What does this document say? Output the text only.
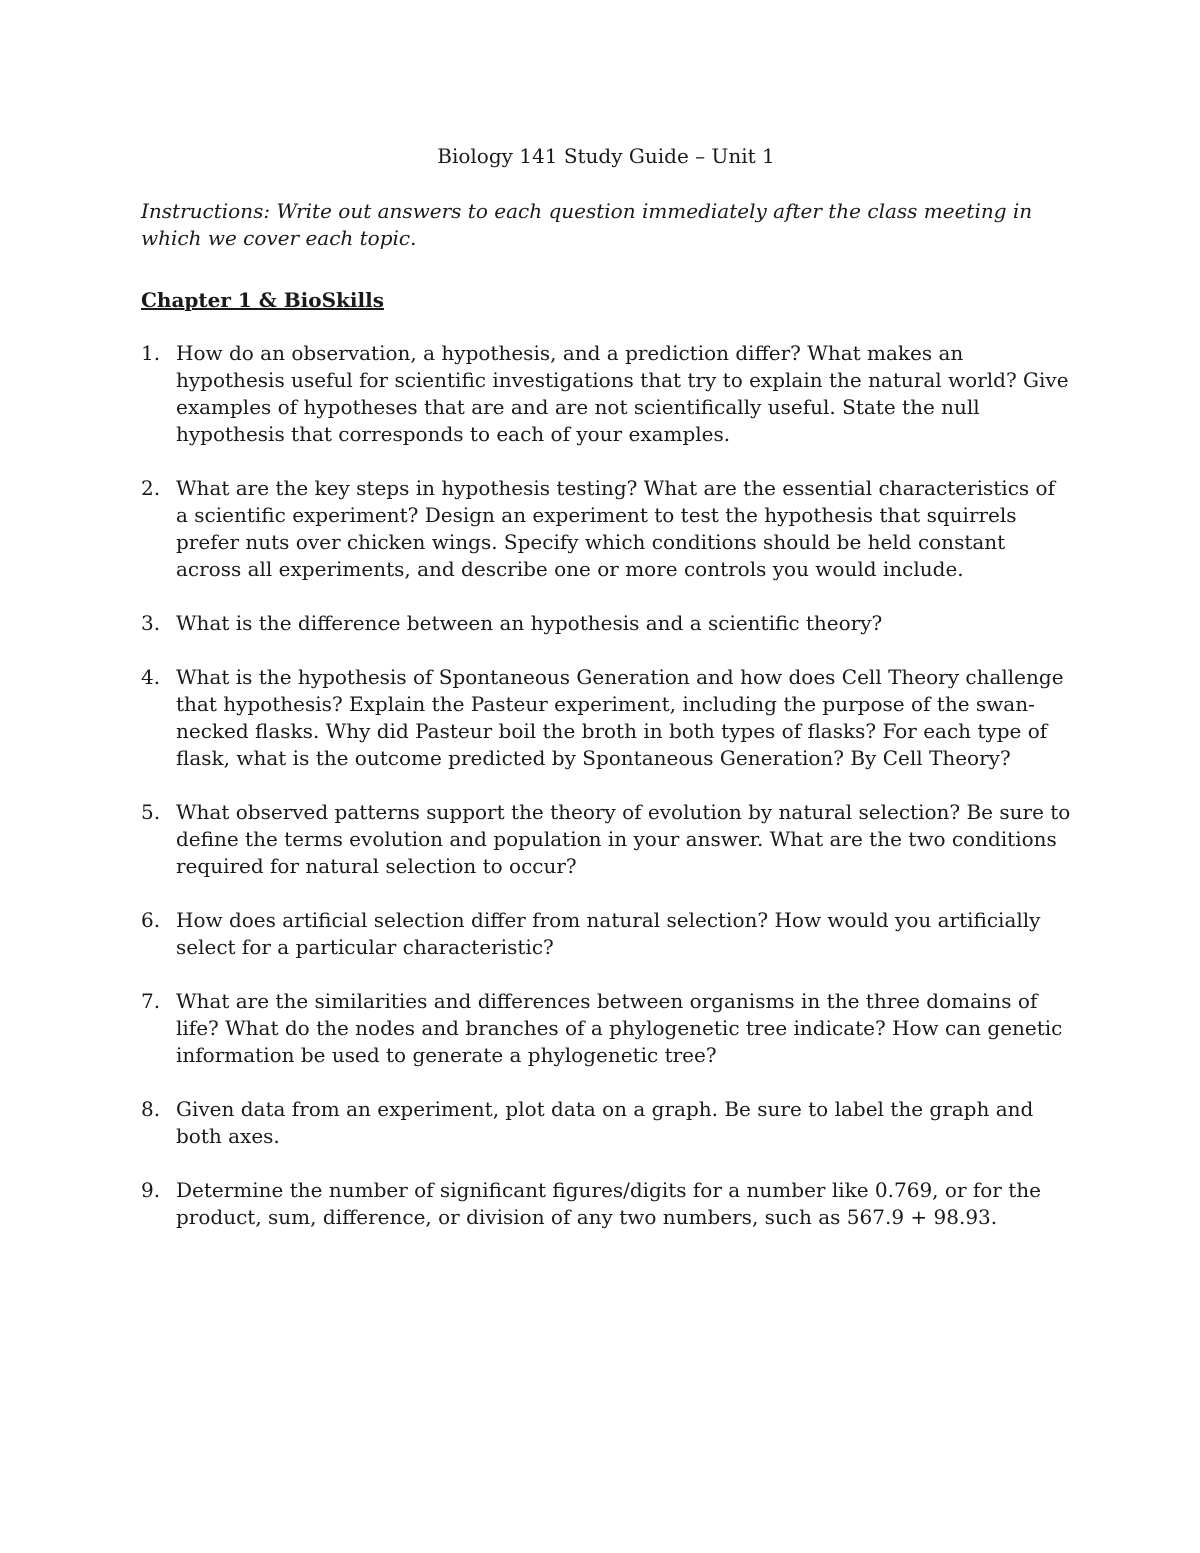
Biology 141 Study Guide – Unit 1

Instructions: Write out answers to each question immediately after the class meeting in which we cover each topic.

Chapter 1 & BioSkills
1. How do an observation, a hypothesis, and a prediction differ? What makes an hypothesis useful for scientific investigations that try to explain the natural world? Give examples of hypotheses that are and are not scientifically useful. State the null hypothesis that corresponds to each of your examples.
2. What are the key steps in hypothesis testing? What are the essential characteristics of a scientific experiment? Design an experiment to test the hypothesis that squirrels prefer nuts over chicken wings. Specify which conditions should be held constant across all experiments, and describe one or more controls you would include.
3. What is the difference between an hypothesis and a scientific theory?
4. What is the hypothesis of Spontaneous Generation and how does Cell Theory challenge that hypothesis? Explain the Pasteur experiment, including the purpose of the swan-necked flasks. Why did Pasteur boil the broth in both types of flasks? For each type of flask, what is the outcome predicted by Spontaneous Generation? By Cell Theory?
5. What observed patterns support the theory of evolution by natural selection? Be sure to define the terms evolution and population in your answer. What are the two conditions required for natural selection to occur?
6. How does artificial selection differ from natural selection? How would you artificially select for a particular characteristic?
7. What are the similarities and differences between organisms in the three domains of life? What do the nodes and branches of a phylogenetic tree indicate? How can genetic information be used to generate a phylogenetic tree?
8. Given data from an experiment, plot data on a graph. Be sure to label the graph and both axes.
9. Determine the number of significant figures/digits for a number like 0.769, or for the product, sum, difference, or division of any two numbers, such as 567.9 + 98.93.
